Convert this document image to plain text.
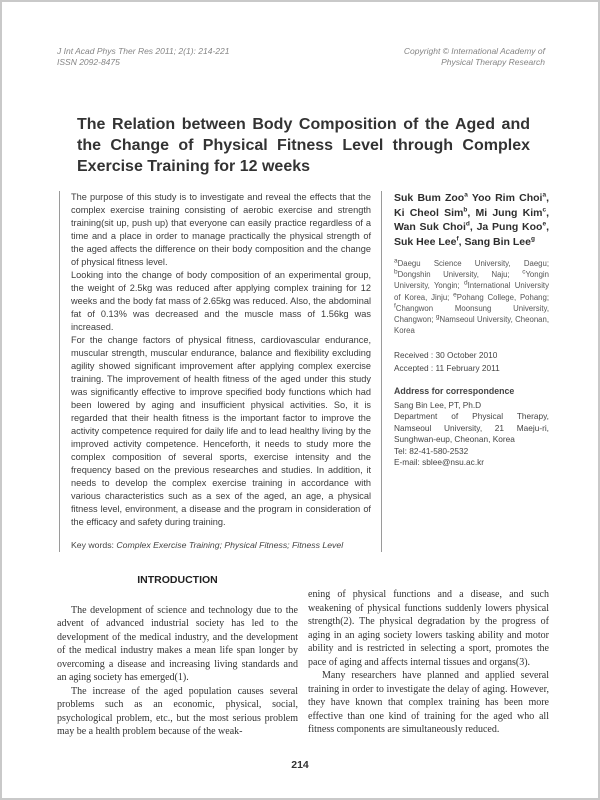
J Int Acad Phys Ther Res 2011; 2(1): 214-221
ISSN 2092-8475
Copyright © International Academy of
Physical Therapy Research
The Relation between Body Composition of the Aged and the Change of Physical Fitness Level through Complex Exercise Training for 12 weeks

The purpose of this study is to investigate and reveal the effects that the complex exercise training consisting of aerobic exercise and strength training(sit up, push up) that everyone can easily practice regardless of a time and a place in order to manage practically the physical strength of the aged affects the difference on their body composition and the change of physical fitness level.

Looking into the change of body composition of an experimental group, the weight of 2.5kg was reduced after applying complex training for 12 weeks and the body fat mass of 2.65kg was reduced. Also, the abdominal fat of 0.13% was decreased and the muscle mass of 1.56kg was increased.

For the change factors of physical fitness, cardiovascular endurance, muscular strength, muscular endurance, balance and flexibility excluding agility showed significant improvement after applying complex exercise training. The improvement of health fitness of the aged under this study was significantly effective to improve specified body functions which had been lowered by aging and insufficient physical activities. So, it is regarded that their health fitness is the important factor to improve the activity competence required for daily life and to lead healthy living by the improved activity competence. Henceforth, it needs to study more the complex composition of several sports, exercise intensity and the frequency based on the previous researches and studies. In addition, it needs to develop the complex exercise training in accordance with various characteristics such as a sex of the aged, an age, a physical fitness level, environment, a disease and the program in consideration of the efficacy and safety during training.

Key words: Complex Exercise Training; Physical Fitness; Fitness Level

Suk Bum Zoo$^a$ Yoo Rim Choi$^a$, Ki Cheol Sim$^b$, Mi Jung Kim$^c$, Wan Suk Choi$^d$, Ja Pung Koo$^e$, Suk Hee Lee$^f$, Sang Bin Lee$^g$

$^a$Daegu Science University, Daegu; $^b$Dongshin University, Naju; $^c$Yongin University, Yongin; $^d$International University of Korea, Jinju; $^e$Pohang College, Pohang; $^f$Changwon Moonsung University, Changwon; $^g$Namseoul University, Cheonan, Korea
Received : 30 October 2010
Accepted : 11 February 2011
Address for correspondence
Sang Bin Lee, PT, Ph.D
Department of Physical Therapy, Namseoul University, 21 Maeju-ri, Sunghwan-eup, Cheonan, Korea
Tel: 82-41-580-2532
E-mail: sblee@nsu.ac.kr
INTRODUCTION

The development of science and technology due to the advent of advanced industrial society has led to the development of the medical industry, and the development of the medical industry makes a mean life span longer by overcoming a disease and increasing living standards and an aging society has emerged(1).

The increase of the aged population causes several problems such as an economic, physical, social, psychological problem, etc., but the most serious problem may be a health problem because of the weak-

ening of physical functions and a disease, and such weakening of physical functions suddenly lowers physical strength(2). The physical degradation by the progress of aging in an aging society lowers tasking ability and motor ability and is restricted in selecting a sport, promotes the pace of aging and affects internal tissues and organs(3).

Many researchers have planned and applied several training in order to investigate the delay of aging. However, they have known that complex training has been more effective than one kind of training for the aged who all fitness components are simultaneously reduced.

214
